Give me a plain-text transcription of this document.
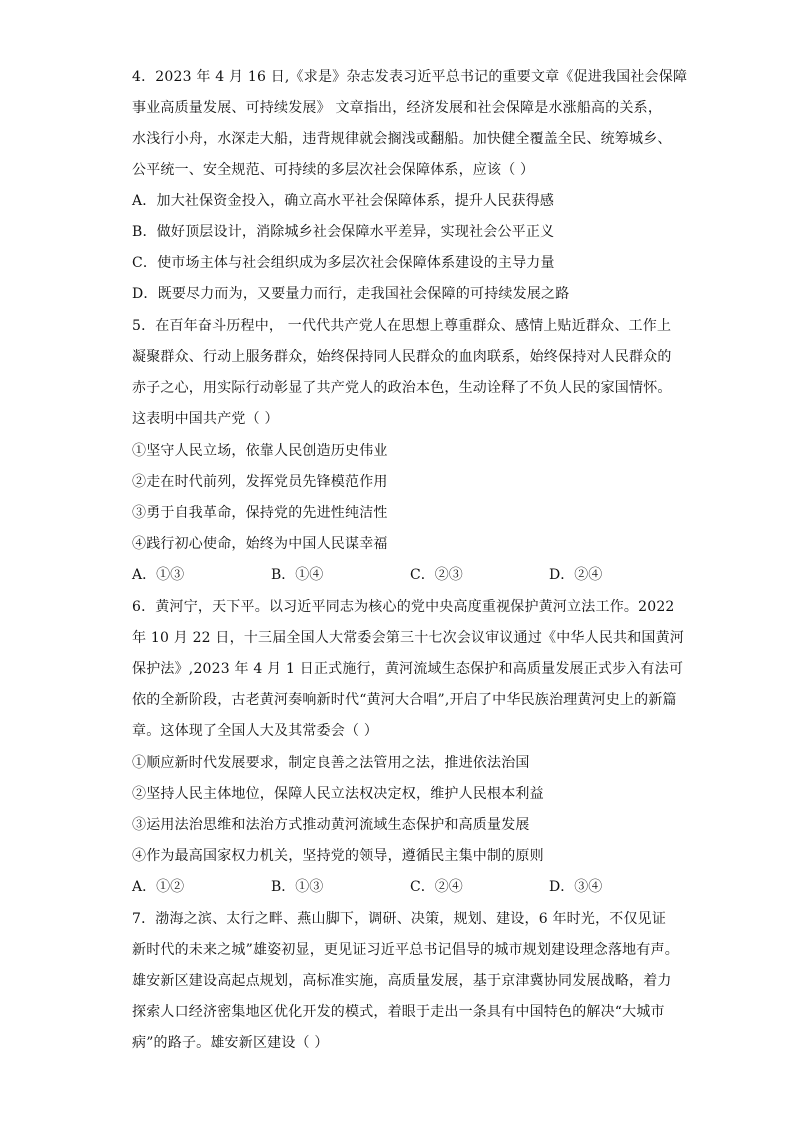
4．2023 年 4 月 16 日,《求是》杂志发表习近平总书记的重要文章《促进我国社会保障
事业高质量发展、可持续发展》 文章指出，经济发展和社会保障是水涨船高的关系，
水浅行小舟，水深走大船，违背规律就会搁浅或翻船。加快健全覆盖全民、统筹城乡、
公平统一、安全规范、可持续的多层次社会保障体系，应该（ ）
A．加大社保资金投入，确立高水平社会保障体系，提升人民获得感
B．做好顶层设计，消除城乡社会保障水平差异，实现社会公平正义
C．使市场主体与社会组织成为多层次社会保障体系建设的主导力量
D．既要尽力而为，又要量力而行，走我国社会保障的可持续发展之路
5．在百年奋斗历程中， 一代代共产党人在思想上尊重群众、感情上贴近群众、工作上
凝聚群众、行动上服务群众，始终保持同人民群众的血肉联系，始终保持对人民群众的
赤子之心，用实际行动彰显了共产党人的政治本色，生动诠释了不负人民的家国情怀。
这表明中国共产党（ ）
①坚守人民立场，依靠人民创造历史伟业
②走在时代前列，发挥党员先锋模范作用
③勇于自我革命，保持党的先进性纯洁性
④践行初心使命，始终为中国人民谋幸福
A．①③	B．①④	C．②③	D．②④
6．黄河宁，天下平。以习近平同志为核心的党中央高度重视保护黄河立法工作。2022
年 10 月 22 日，十三届全国人大常委会第三十七次会议审议通过《中华人民共和国黄河
保护法》,2023 年 4 月 1 日正式施行，黄河流域生态保护和高质量发展正式步入有法可
依的全新阶段，古老黄河奏响新时代“黄河大合唱”,开启了中华民族治理黄河史上的新篇
章。这体现了全国人大及其常委会（ ）
①顺应新时代发展要求，制定良善之法管用之法，推进依法治国
②坚持人民主体地位，保障人民立法权决定权，维护人民根本利益
③运用法治思维和法治方式推动黄河流域生态保护和高质量发展
④作为最高国家权力机关，坚持党的领导，遵循民主集中制的原则
A．①②	B．①③	C．②④	D．③④
7．渤海之滨、太行之畔、燕山脚下，调研、决策，规划、建设，6 年时光，不仅见证
新时代的未来之城”雄姿初显，更见证习近平总书记倡导的城市规划建设理念落地有声。
雄安新区建设高起点规划，高标准实施，高质量发展，基于京津冀协同发展战略，着力
探索人口经济密集地区优化开发的模式，着眼于走出一条具有中国特色的解决“大城市
病”的路子。雄安新区建设（ ）
